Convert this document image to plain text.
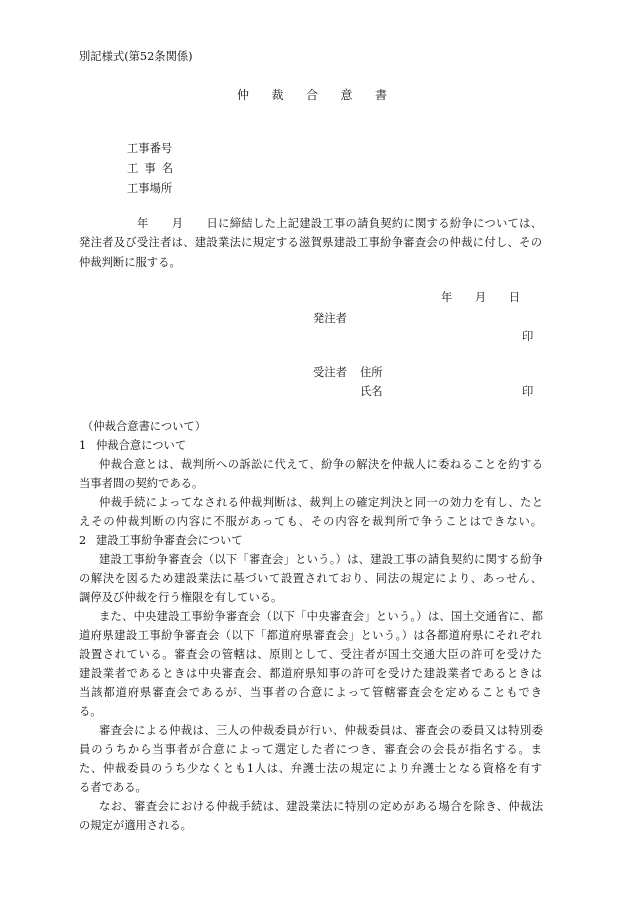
別記様式(第52条関係)
仲裁合意書
工事番号
工 事 名
工事場所
年　　月　　日に締結した上記建設工事の請負契約に関する紛争については、
発注者及び受注者は、建設業法に規定する滋賀県建設工事紛争審査会の仲裁に付し、その
仲裁判断に服する。
年　　月　　日
発注者
印
受注者 住所
氏名	印
（仲裁合意書について）
1 仲裁合意について
仲裁合意とは、裁判所への訴訟に代えて、紛争の解決を仲裁人に委ねることを約する
当事者間の契約である。
仲裁手続によってなされる仲裁判断は、裁判上の確定判決と同一の効力を有し、たと
えその仲裁判断の内容に不服があっても、その内容を裁判所で争うことはできない。
2 建設工事紛争審査会について
建設工事紛争審査会（以下「審査会」という。）は、建設工事の請負契約に関する紛争
の解決を図るため建設業法に基づいて設置されており、同法の規定により、あっせん、
調停及び仲裁を行う権限を有している。
また、中央建設工事紛争審査会（以下「中央審査会」という。）は、国土交通省に、都
道府県建設工事紛争審査会（以下「都道府県審査会」という。）は各都道府県にそれぞれ
設置されている。審査会の管轄は、原則として、受注者が国土交通大臣の許可を受けた
建設業者であるときは中央審査会、都道府県知事の許可を受けた建設業者であるときは
当該都道府県審査会であるが、当事者の合意によって管轄審査会を定めることもでき
る。
審査会による仲裁は、三人の仲裁委員が行い、仲裁委員は、審査会の委員又は特別委
員のうちから当事者が合意によって選定した者につき、審査会の会長が指名する。ま
た、仲裁委員のうち少なくとも1人は、弁護士法の規定により弁護士となる資格を有す
る者である。
なお、審査会における仲裁手続は、建設業法に特別の定めがある場合を除き、仲裁法
の規定が適用される。
